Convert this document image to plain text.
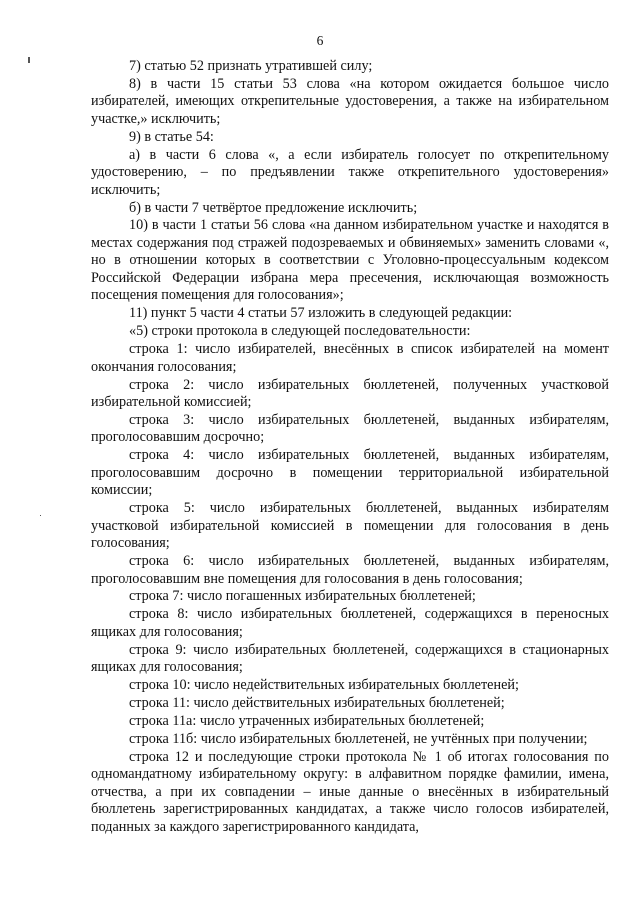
6

7) статью 52 признать утратившей силу;

8) в части 15 статьи 53 слова «на котором ожидается большое число избирателей, имеющих открепительные удостоверения, а также на избирательном участке,» исключить;

9) в статье 54:

а) в части 6 слова «, а если избиратель голосует по открепительному удостоверению, – по предъявлении также открепительного удостоверения» исключить;

б) в части 7 четвёртое предложение исключить;

10) в части 1 статьи 56 слова «на данном избирательном участке и находятся в местах содержания под стражей подозреваемых и обвиняемых» заменить словами «, но в отношении которых в соответствии с Уголовно-процессуальным кодексом Российской Федерации избрана мера пресечения, исключающая возможность посещения помещения для голосования»;

11) пункт 5 части 4 статьи 57 изложить в следующей редакции:

«5) строки протокола в следующей последовательности:

строка 1: число избирателей, внесённых в список избирателей на момент окончания голосования;

строка 2: число избирательных бюллетеней, полученных участковой избирательной комиссией;

строка 3: число избирательных бюллетеней, выданных избирателям, проголосовавшим досрочно;

строка 4: число избирательных бюллетеней, выданных избирателям, проголосовавшим досрочно в помещении территориальной избирательной комиссии;

строка 5: число избирательных бюллетеней, выданных избирателям участковой избирательной комиссией в помещении для голосования в день голосования;

строка 6: число избирательных бюллетеней, выданных избирателям, проголосовавшим вне помещения для голосования в день голосования;

строка 7: число погашенных избирательных бюллетеней;

строка 8: число избирательных бюллетеней, содержащихся в переносных ящиках для голосования;

строка 9: число избирательных бюллетеней, содержащихся в стационарных ящиках для голосования;

строка 10: число недействительных избирательных бюллетеней;

строка 11: число действительных избирательных бюллетеней;

строка 11а: число утраченных избирательных бюллетеней;

строка 11б: число избирательных бюллетеней, не учтённых при получении;

строка 12 и последующие строки протокола № 1 об итогах голосования по одномандатному избирательному округу: в алфавитном порядке фамилии, имена, отчества, а при их совпадении – иные данные о внесённых в избирательный бюллетень зарегистрированных кандидатах, а также число голосов избирателей, поданных за каждого зарегистрированного кандидата,
